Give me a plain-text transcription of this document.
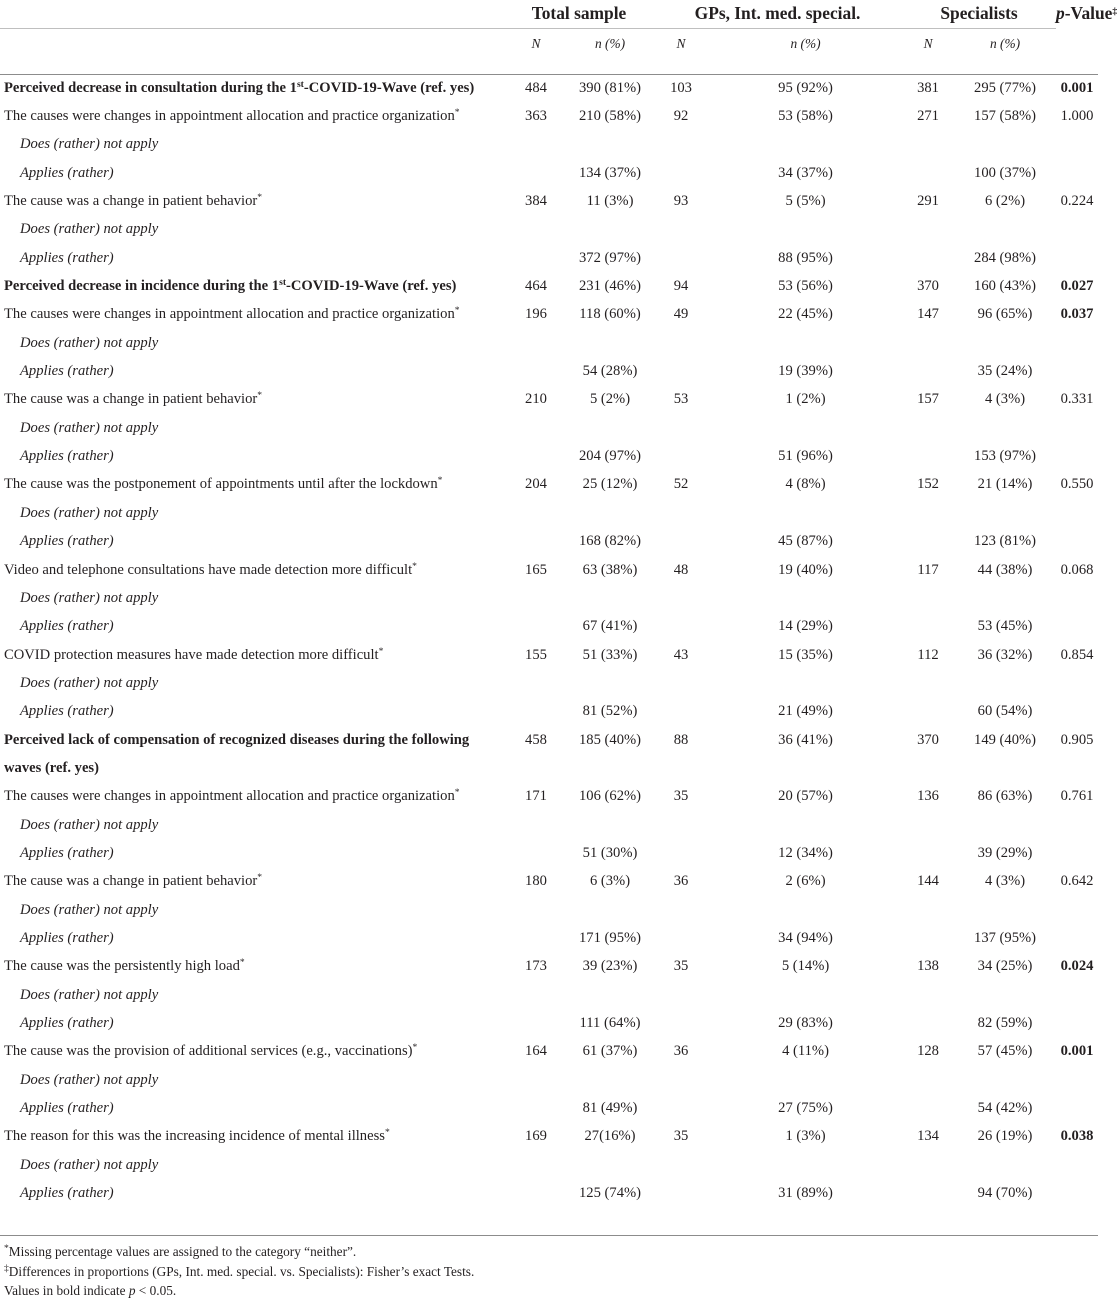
	Total sample		GPs, Int. med. special.		Specialists		p-Value‡
	N	n (%)	N	n (%)	N	n (%)	
Perceived decrease in consultation during the 1st-COVID-19-Wave (ref. yes)	484	390 (81%)	103	95 (92%)	381	295 (77%)	0.001
The causes were changes in appointment allocation and practice organization*	363	210 (58%)	92	53 (58%)	271	157 (58%)	1.000
Does (rather) not apply							
Applies (rather)		134 (37%)		34 (37%)		100 (37%)	
The cause was a change in patient behavior*	384	11 (3%)	93	5 (5%)	291	6 (2%)	0.224
Does (rather) not apply							
Applies (rather)		372 (97%)		88 (95%)		284 (98%)	
Perceived decrease in incidence during the 1st-COVID-19-Wave (ref. yes)	464	231 (46%)	94	53 (56%)	370	160 (43%)	0.027
The causes were changes in appointment allocation and practice organization*	196	118 (60%)	49	22 (45%)	147	96 (65%)	0.037
Does (rather) not apply							
Applies (rather)		54 (28%)		19 (39%)		35 (24%)	
The cause was a change in patient behavior*	210	5 (2%)	53	1 (2%)	157	4 (3%)	0.331
Does (rather) not apply							
Applies (rather)		204 (97%)		51 (96%)		153 (97%)	
The cause was the postponement of appointments until after the lockdown*	204	25 (12%)	52	4 (8%)	152	21 (14%)	0.550
Does (rather) not apply							
Applies (rather)		168 (82%)		45 (87%)		123 (81%)	
Video and telephone consultations have made detection more difficult*	165	63 (38%)	48	19 (40%)	117	44 (38%)	0.068
Does (rather) not apply							
Applies (rather)		67 (41%)		14 (29%)		53 (45%)	
COVID protection measures have made detection more difficult*	155	51 (33%)	43	15 (35%)	112	36 (32%)	0.854
Does (rather) not apply							
Applies (rather)		81 (52%)		21 (49%)		60 (54%)	
Perceived lack of compensation of recognized diseases during the following waves (ref. yes)	458	185 (40%)	88	36 (41%)	370	149 (40%)	0.905
The causes were changes in appointment allocation and practice organization*	171	106 (62%)	35	20 (57%)	136	86 (63%)	0.761
Does (rather) not apply							
Applies (rather)		51 (30%)		12 (34%)		39 (29%)	
The cause was a change in patient behavior*	180	6 (3%)	36	2 (6%)	144	4 (3%)	0.642
Does (rather) not apply							
Applies (rather)		171 (95%)		34 (94%)		137 (95%)	
The cause was the persistently high load*	173	39 (23%)	35	5 (14%)	138	34 (25%)	0.024
Does (rather) not apply							
Applies (rather)		111 (64%)		29 (83%)		82 (59%)	
The cause was the provision of additional services (e.g., vaccinations)*	164	61 (37%)	36	4 (11%)	128	57 (45%)	0.001
Does (rather) not apply							
Applies (rather)		81 (49%)		27 (75%)		54 (42%)	
The reason for this was the increasing incidence of mental illness*	169	27(16%)	35	1 (3%)	134	26 (19%)	0.038
Does (rather) not apply							
Applies (rather)		125 (74%)		31 (89%)		94 (70%)	
*Missing percentage values are assigned to the category “neither”.
‡Differences in proportions (GPs, Int. med. special. vs. Specialists): Fisher’s exact Tests.
Values in bold indicate p < 0.05.
